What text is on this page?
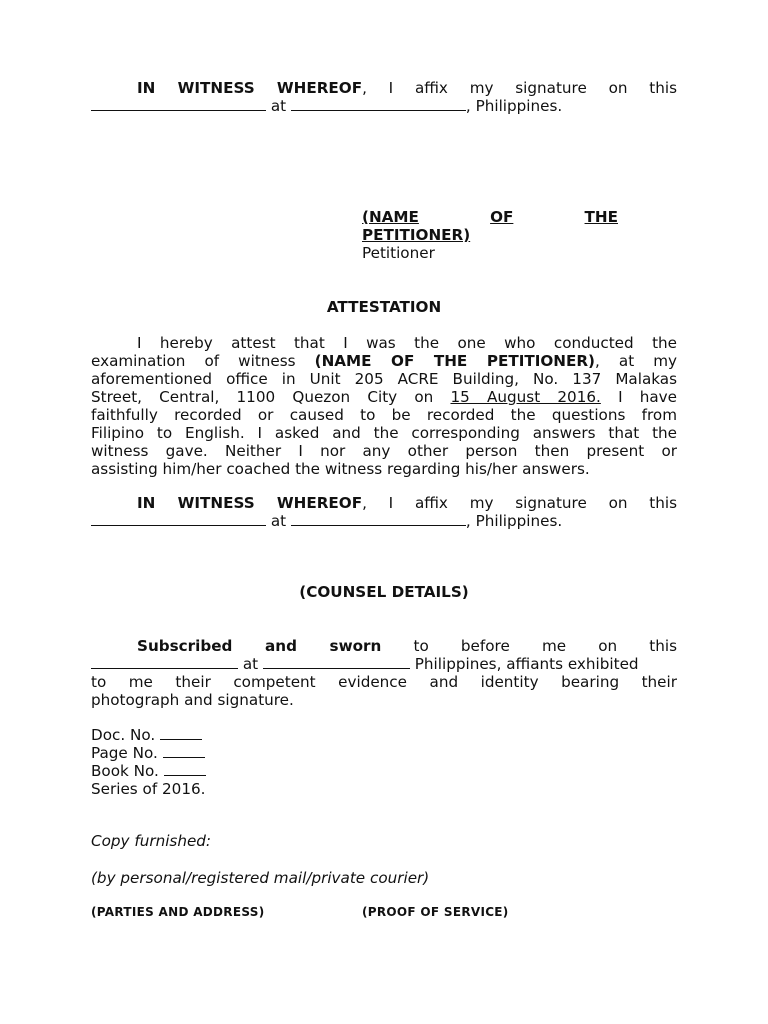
IN WITNESS WHEREOF, I affix my signature on this
at	, Philippines.
(NAME	OF	THE
PETITIONER)
Petitioner
ATTESTATION
I hereby attest that I was the one who conducted the
examination of witness (NAME OF THE PETITIONER), at my
aforementioned office in Unit 205 ACRE Building, No. 137 Malakas
Street, Central, 1100 Quezon City on 15 August 2016. I have
faithfully recorded or caused to be recorded the questions from
Filipino to English. I asked and the corresponding answers that the
witness gave. Neither I nor any other person then present or
assisting him/her coached the witness regarding his/her answers.
IN WITNESS WHEREOF, I affix my signature on this
at	, Philippines.
(COUNSEL DETAILS)
Subscribed and sworn to before me on this
at	Philippines, affiants exhibited
to me their competent evidence and identity bearing their
photograph and signature.
Doc. No.
Page No.
Book No.
Series of 2016.
Copy furnished:
(by personal/registered mail/private courier)
(PARTIES AND ADDRESS)	(PROOF OF SERVICE)
